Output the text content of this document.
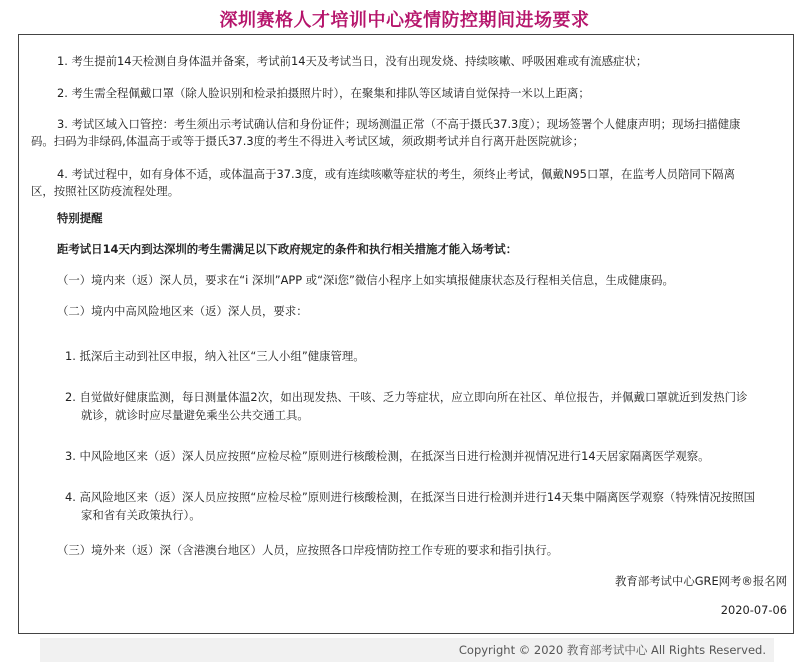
深圳赛格人才培训中心疫情防控期间进场要求
1. 考生提前14天检测自身体温并备案，考试前14天及考试当日，没有出现发烧、持续咳嗽、呼吸困难或有流感症状；
2. 考生需全程佩戴口罩（除人脸识别和检录拍摄照片时），在聚集和排队等区域请自觉保持一米以上距离；
3. 考试区域入口管控：考生须出示考试确认信和身份证件；现场测温正常（不高于摄氏37.3度）；现场签署个人健康声明；现场扫描健康
码。扫码为非绿码,体温高于或等于摄氏37.3度的考生不得进入考试区域，须政期考试并自行离开赴医院就诊；
4. 考试过程中，如有身体不适，或体温高于37.3度，或有连续咳嗽等症状的考生，须终止考试，佩戴N95口罩，在监考人员陪同下隔离
区，按照社区防疫流程处理。
特别提醒
距考试日14天内到达深圳的考生需满足以下政府规定的条件和执行相关措施才能入场考试：
（一）境内来（返）深人员，要求在“i 深圳”APP 或“深i您”微信小程序上如实填报健康状态及行程相关信息，生成健康码。
（二）境内中高风险地区来（返）深人员，要求：
1. 抵深后主动到社区申报，纳入社区“三人小组”健康管理。
2. 自觉做好健康监测，每日测量体温2次，如出现发热、干咳、乏力等症状，应立即向所在社区、单位报告，并佩戴口罩就近到发热门诊
就诊，就诊时应尽量避免乘坐公共交通工具。
3. 中风险地区来（返）深人员应按照“应检尽检”原则进行核酸检测，在抵深当日进行检测并视情况进行14天居家隔离医学观察。
4. 高风险地区来（返）深人员应按照“应检尽检”原则进行核酸检测，在抵深当日进行检测并进行14天集中隔离医学观察（特殊情况按照国
家和省有关政策执行）。
（三）境外来（返）深（含港澳台地区）人员，应按照各口岸疫情防控工作专班的要求和指引执行。
教育部考试中心GRE网考®报名网
2020-07-06
Copyright © 2020 教育部考试中心 All Rights Reserved.
